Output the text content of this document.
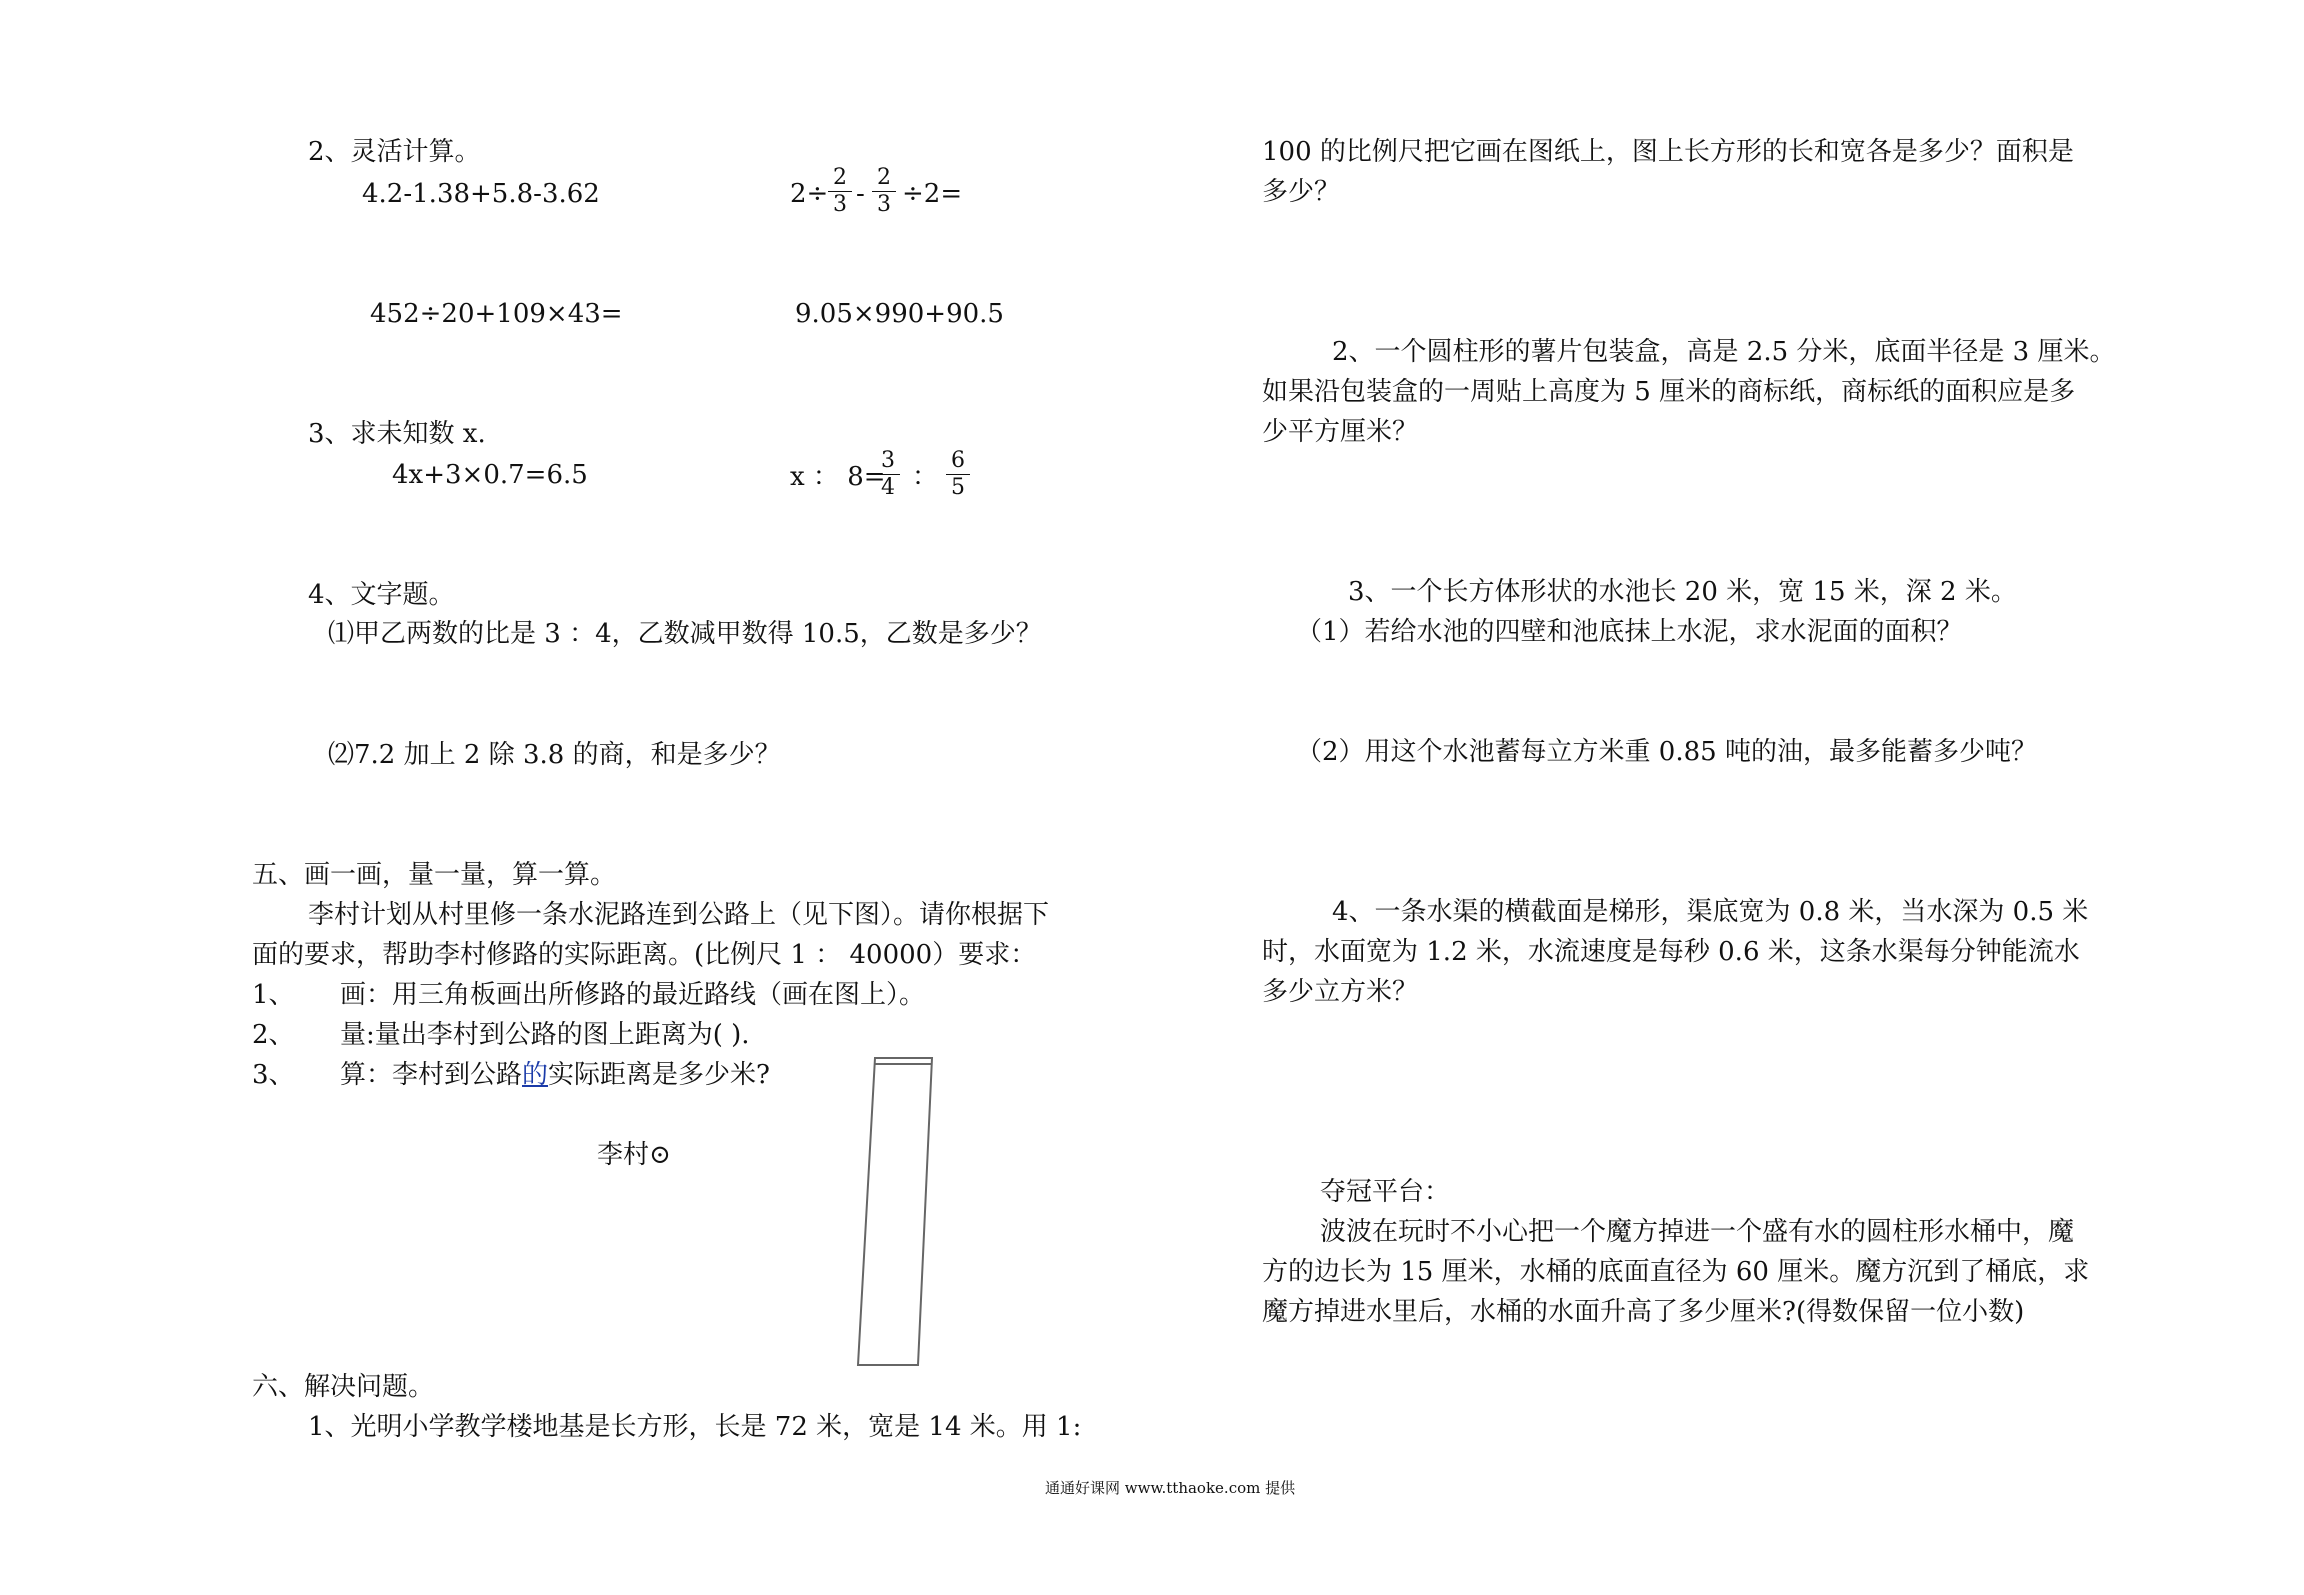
2、灵活计算。
4.2-1.38+5.8-3.62	2÷
2
3 -
2
3 ÷2=
452÷20+109×43=	9.05×990+90.5
3、求未知数 x.
4x+3×0.7=6.5	x ： 8=
3
4 ：
6
5
4、文字题。
⑴甲乙两数的比是 3 ：4，乙数减甲数得 10.5，乙数是多少？
⑵7.2 加上 2 除 3.8 的商，和是多少？
五、画一画，量一量，算一算。
李村计划从村里修一条水泥路连到公路上（见下图）。请你根据下
面的要求，帮助李村修路的实际距离。(比例尺 1 ： 40000）要求：
1、 画：用三角板画出所修路的最近路线（画在图上）。
2、 量:量出李村到公路的图上距离为( ).
3、 算：李村到公路的实际距离是多少米?
李村⊙
六、解决问题。
1、光明小学教学楼地基是长方形，长是 72 米，宽是 14 米。用 1:
100 的比例尺把它画在图纸上，图上长方形的长和宽各是多少？面积是
多少？
2、一个圆柱形的薯片包装盒，高是 2.5 分米，底面半径是 3 厘米。
如果沿包装盒的一周贴上高度为 5 厘米的商标纸，商标纸的面积应是多
少平方厘米？
3、一个长方体形状的水池长 20 米，宽 15 米，深 2 米。
（1）若给水池的四壁和池底抹上水泥，求水泥面的面积？
（2）用这个水池蓄每立方米重 0.85 吨的油，最多能蓄多少吨？
4、一条水渠的横截面是梯形，渠底宽为 0.8 米，当水深为 0.5 米
时，水面宽为 1.2 米，水流速度是每秒 0.6 米，这条水渠每分钟能流水
多少立方米？
夺冠平台：
波波在玩时不小心把一个魔方掉进一个盛有水的圆柱形水桶中，魔
方的边长为 15 厘米，水桶的底面直径为 60 厘米。魔方沉到了桶底，求
魔方掉进水里后，水桶的水面升高了多少厘米?(得数保留一位小数)
通通好课网 www.tthaoke.com 提供
